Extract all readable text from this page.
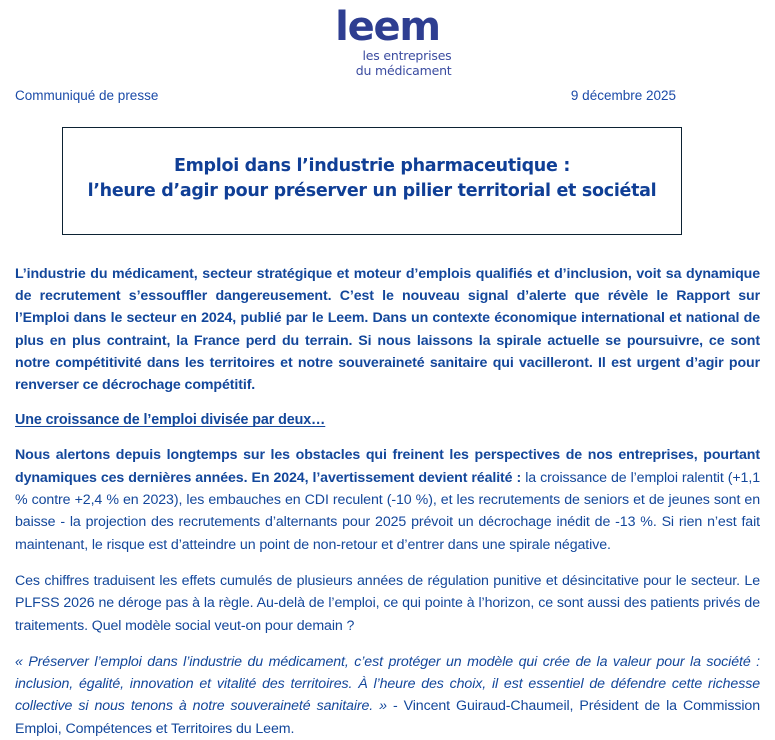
leem
les entreprises
du médicament
Communiqué de presse	9 décembre 2025
Emploi dans l’industrie pharmaceutique :
l’heure d’agir pour préserver un pilier territorial et sociétal

L’industrie du médicament, secteur stratégique et moteur d’emplois qualifiés et d’inclusion, voit sa dynamique de recrutement s’essouffler dangereusement. C’est le nouveau signal d’alerte que révèle le Rapport sur l’Emploi dans le secteur en 2024, publié par le Leem. Dans un contexte économique international et national de plus en plus contraint, la France perd du terrain. Si nous laissons la spirale actuelle se poursuivre, ce sont notre compétitivité dans les territoires et notre souveraineté sanitaire qui vacilleront. Il est urgent d’agir pour renverser ce décrochage compétitif.

Une croissance de l’emploi divisée par deux…

Nous alertons depuis longtemps sur les obstacles qui freinent les perspectives de nos entreprises, pourtant dynamiques ces dernières années. En 2024, l’avertissement devient réalité : la croissance de l’emploi ralentit (+1,1 % contre +2,4 % en 2023), les embauches en CDI reculent (-10 %), et les recrutements de seniors et de jeunes sont en baisse - la projection des recrutements d’alternants pour 2025 prévoit un décrochage inédit de -13 %. Si rien n’est fait maintenant, le risque est d’atteindre un point de non-retour et d’entrer dans une spirale négative.

Ces chiffres traduisent les effets cumulés de plusieurs années de régulation punitive et désincitative pour le secteur. Le PLFSS 2026 ne déroge pas à la règle. Au-delà de l’emploi, ce qui pointe à l’horizon, ce sont aussi des patients privés de traitements. Quel modèle social veut-on pour demain ?

« Préserver l’emploi dans l’industrie du médicament, c’est protéger un modèle qui crée de la valeur pour la société : inclusion, égalité, innovation et vitalité des territoires. À l’heure des choix, il est essentiel de défendre cette richesse collective si nous tenons à notre souveraineté sanitaire. » - Vincent Guiraud-Chaumeil, Président de la Commission Emploi, Compétences et Territoires du Leem.
